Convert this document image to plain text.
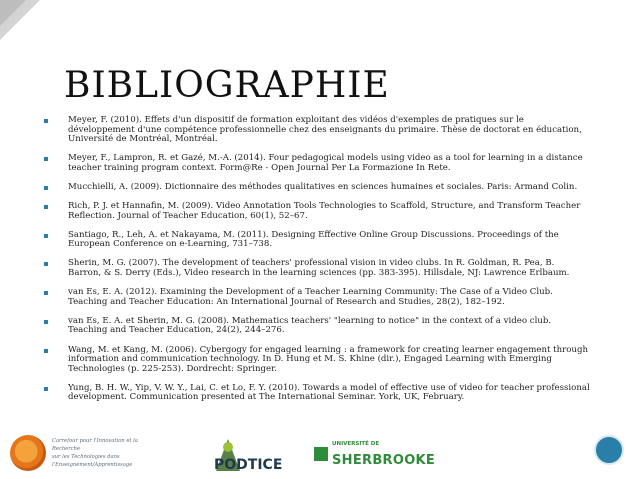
BIBLIOGRAPHIE
Meyer, F. (2010). Effets d'un dispositif de formation exploitant des vidéos d'exemples de pratiques sur le développement d'une compétence professionnelle chez des enseignants du primaire. Thèse de doctorat en éducation, Université de Montréal, Montréal.
Meyer, F., Lampron, R. et Gazé, M.-A. (2014). Four pedagogical models using video as a tool for learning in a distance teacher training program context. Form@Re - Open Journal Per La Formazione In Rete.
Mucchielli, A. (2009). Dictionnaire des méthodes qualitatives en sciences humaines et sociales. Paris: Armand Colin.
Rich, P. J. et Hannafin, M. (2009). Video Annotation Tools Technologies to Scaffold, Structure, and Transform Teacher Reflection. Journal of Teacher Education, 60(1), 52–67.
Santiago, R., Leh, A. et Nakayama, M. (2011). Designing Effective Online Group Discussions. Proceedings of the European Conference on e-Learning, 731–738.
Sherin, M. G. (2007). The development of teachers' professional vision in video clubs. In R. Goldman, R. Pea, B. Barron, & S. Derry (Eds.), Video research in the learning sciences (pp. 383-395). Hillsdale, NJ: Lawrence Erlbaum.
van Es, E. A. (2012). Examining the Development of a Teacher Learning Community: The Case of a Video Club. Teaching and Teacher Education: An International Journal of Research and Studies, 28(2), 182–192.
van Es, E. A. et Sherin, M. G. (2008). Mathematics teachers' "learning to notice" in the context of a video club. Teaching and Teacher Education, 24(2), 244–276.
Wang, M. et Kang, M. (2006). Cybergogy for engaged learning : a framework for creating learner engagement through information and communication technology. In D. Hung et M. S. Khine (dir.), Engaged Learning with Emerging Technologies (p. 225-253). Dordrecht: Springer.
Yung, B. H. W., Yip, V. W. Y., Lai, C. et Lo, F. Y. (2010). Towards a model of effective use of video for teacher professional development. Communication presented at The International Seminar. York, UK, February.
Carrefour pour l'Innovation et la Recherche
sur les Technologies dans l'Enseignement/Apprentissage	PODTICE
UNIVERSITÉ DE
SHERBROOKE
